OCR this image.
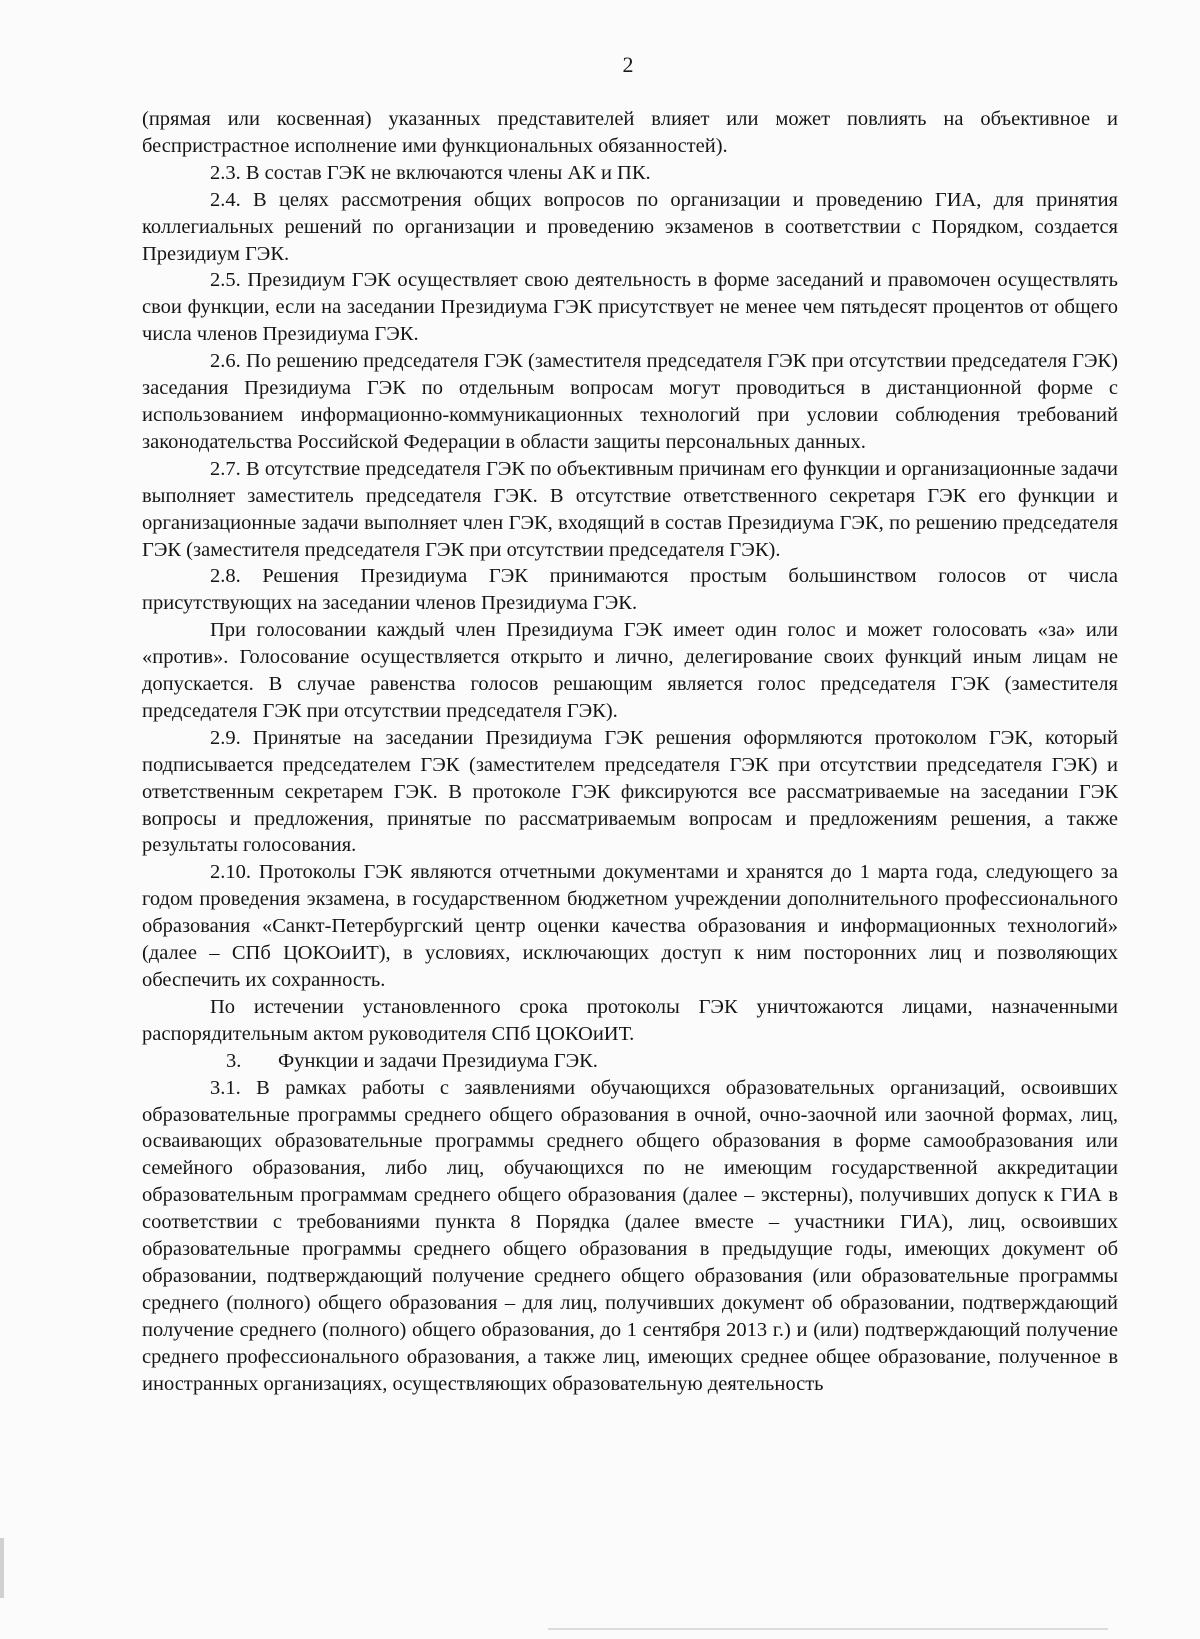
2

(прямая или косвенная) указанных представителей влияет или может повлиять на объективное и беспристрастное исполнение ими функциональных обязанностей).

2.3. В состав ГЭК не включаются члены АК и ПК.

2.4. В целях рассмотрения общих вопросов по организации и проведению ГИА, для принятия коллегиальных решений по организации и проведению экзаменов в соответствии с Порядком, создается Президиум ГЭК.

2.5. Президиум ГЭК осуществляет свою деятельность в форме заседаний и правомочен осуществлять свои функции, если на заседании Президиума ГЭК присутствует не менее чем пятьдесят процентов от общего числа членов Президиума ГЭК.

2.6. По решению председателя ГЭК (заместителя председателя ГЭК при отсутствии председателя ГЭК) заседания Президиума ГЭК по отдельным вопросам могут проводиться в дистанционной форме с использованием информационно-коммуникационных технологий при условии соблюдения требований законодательства Российской Федерации в области защиты персональных данных.

2.7. В отсутствие председателя ГЭК по объективным причинам его функции и организационные задачи выполняет заместитель председателя ГЭК. В отсутствие ответственного секретаря ГЭК его функции и организационные задачи выполняет член ГЭК, входящий в состав Президиума ГЭК, по решению председателя ГЭК (заместителя председателя ГЭК при отсутствии председателя ГЭК).

2.8. Решения Президиума ГЭК принимаются простым большинством голосов от числа присутствующих на заседании членов Президиума ГЭК.

При голосовании каждый член Президиума ГЭК имеет один голос и может голосовать «за» или «против». Голосование осуществляется открыто и лично, делегирование своих функций иным лицам не допускается. В случае равенства голосов решающим является голос председателя ГЭК (заместителя председателя ГЭК при отсутствии председателя ГЭК).

2.9. Принятые на заседании Президиума ГЭК решения оформляются протоколом ГЭК, который подписывается председателем ГЭК (заместителем председателя ГЭК при отсутствии председателя ГЭК) и ответственным секретарем ГЭК. В протоколе ГЭК фиксируются все рассматриваемые на заседании ГЭК вопросы и предложения, принятые по рассматриваемым вопросам и предложениям решения, а также результаты голосования.

2.10. Протоколы ГЭК являются отчетными документами и хранятся до 1 марта года, следующего за годом проведения экзамена, в государственном бюджетном учреждении дополнительного профессионального образования «Санкт-Петербургский центр оценки качества образования и информационных технологий» (далее – СПб ЦОКОиИТ), в условиях, исключающих доступ к ним посторонних лиц и позволяющих обеспечить их сохранность.

По истечении установленного срока протоколы ГЭК уничтожаются лицами, назначенными распорядительным актом руководителя СПб ЦОКОиИТ.

3. Функции и задачи Президиума ГЭК.

3.1. В рамках работы с заявлениями обучающихся образовательных организаций, освоивших образовательные программы среднего общего образования в очной, очно-заочной или заочной формах, лиц, осваивающих образовательные программы среднего общего образования в форме самообразования или семейного образования, либо лиц, обучающихся по не имеющим государственной аккредитации образовательным программам среднего общего образования (далее – экстерны), получивших допуск к ГИА в соответствии с требованиями пункта 8 Порядка (далее вместе – участники ГИА), лиц, освоивших образовательные программы среднего общего образования в предыдущие годы, имеющих документ об образовании, подтверждающий получение среднего общего образования (или образовательные программы среднего (полного) общего образования – для лиц, получивших документ об образовании, подтверждающий получение среднего (полного) общего образования, до 1 сентября 2013 г.) и (или) подтверждающий получение среднего профессионального образования, а также лиц, имеющих среднее общее образование, полученное в иностранных организациях, осуществляющих образовательную деятельность
